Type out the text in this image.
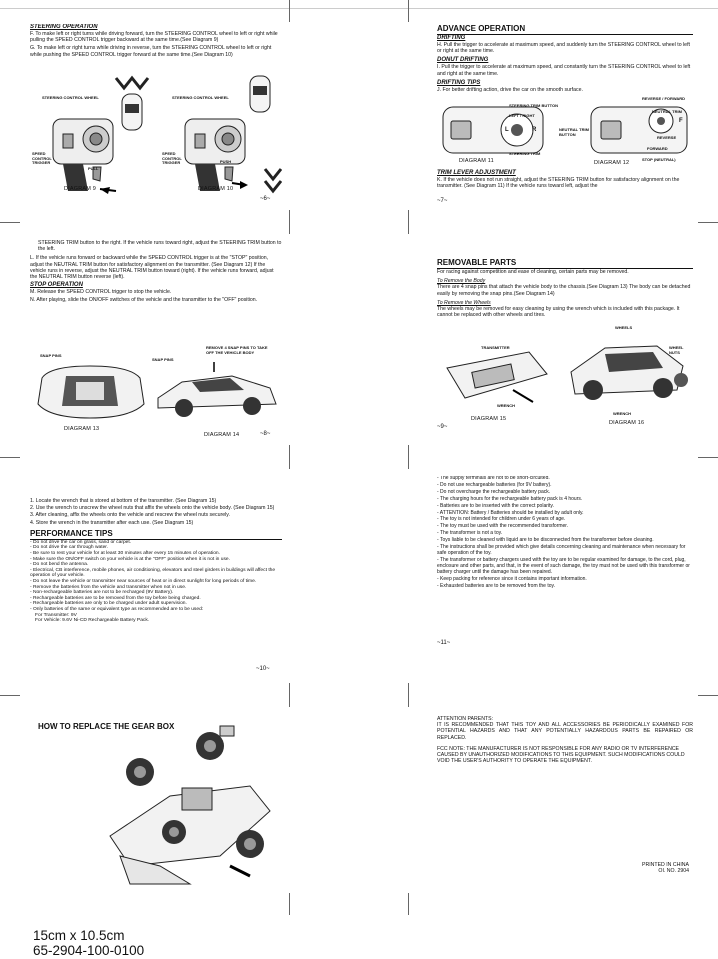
STEERING OPERATION

F. To make left or right turns while driving forward, turn the STEERING CONTROL wheel to left or right while pulling the SPEED CONTROL trigger backward at the same time.(See Diagram 9)

G. To make left or right turns while driving in reverse, turn the STEERING CONTROL wheel to left or right while pushing the SPEED CONTROL trigger forward at the same time.(See Diagram 10)

STEERING CONTROL WHEEL	STEERING CONTROL WHEEL
SPEED CONTROL TRIGGER
SPEED CONTROL TRIGGER
PULL
PUSH
DIAGRAM 9	DIAGRAM 10
~6~
ADVANCE OPERATION
DRIFTING

H. Pull the trigger to accelerate at maximum speed, and suddenly turn the STEERING CONTROL wheel to left or right at the same time.

DONUT DRIFTING

I. Pull the trigger to accelerate at maximum speed, and constantly turn the STEERING CONTROL wheel to left and right at the same time.

DRIFTING TIPS

J. For better drifting action, drive the car on the smooth surface.

STEERING TRIM BUTTON
LEFT / RIGHT
L	R
STEERING TRIM
REVERSE / FORWARD
NEUTRAL TRIM
NEUTRAL TRIM BUTTON
F
REVERSE
FORWARD
STOP (NEUTRAL)
DIAGRAM 11	DIAGRAM 12
TRIM LEVER ADJUSTMENT

K. If the vehicle does not run straight, adjust the STEERING TRIM button for satisfactory alignment on the transmitter. (See Diagram 11) If the vehicle runs toward left, adjust the

~7~

STEERING TRIM button to the right. If the vehicle runs toward right, adjust the STEERING TRIM button to the left.

L. If the vehicle runs forward or backward while the SPEED CONTROL trigger is at the "STOP" position, adjust the NEUTRAL TRIM button for satisfactory alignment on the transmitter. (See Diagram 12) If the vehicle runs in reverse, adjust the NEUTRAL TRIM button toward (right). If the vehicle runs forward, adjust the NEUTRAL TRIM button reverse (left).

STOP OPERATION

M. Release the SPEED CONTROL trigger to stop the vehicle.

N. After playing, slide the ON/OFF switches of the vehicle and the transmitter to the "OFF" position.

SNAP PINS
SNAP PINS
REMOVE 4 SNAP PINS TO TAKE OFF THE VEHICLE BODY
DIAGRAM 13
DIAGRAM 14	~8~
REMOVABLE PARTS

For racing against competition and ease of cleaning, certain parts may be removed.

To Remove the Body

There are 4 snap pins that attach the vehicle body to the chassis.(See Diagram 13) The body can be detached easily by removing the snap pins.(See Diagram 14)

To Remove the Wheels

The wheels may be removed for easy cleaning by using the wrench which is included with this package. It cannot be replaced with other wheels and tires.

WHEELS
TRANSMITTER	WHEEL NUTS
WRENCH
WRENCH
DIAGRAM 15
DIAGRAM 16
~9~
1. Locate the wrench that is stored at bottom of the transmitter. (See Diagram 15)
2. Use the wrench to unscrew the wheel nuts that affix the wheels onto the vehicle body. (See Diagram 15)
3. After cleaning, affix the wheels onto the vehicle and rescrew the wheel nuts securely.
4. Store the wrench in the transmitter after each use. (See Diagram 15)
PERFORMANCE TIPS
- Do not drive the car on grass, sand or carpet.
- Do not drive the car through water.
- Be sure to rest your vehicle for at least 30 minutes after every 15 minutes of operation.
- Make sure the ON/OFF switch on your vehicle is at the "OFF" position when it is not in use.
- Do not bend the antenna.
- Electrical, CB interference, mobile phones, air conditioning, elevators and steel girders in buildings will affect the operation of your vehicle.
- Do not leave the vehicle or transmitter near sources of heat or in direct sunlight for long periods of time.
- Remove the batteries from the vehicle and transmitter when not in use.
- Non-rechargeable batteries are not to be recharged (9V Battery).
- Rechargeable batteries are to be removed from the toy before being charged.
- Rechargeable batteries are only to be charged under adult supervision.
- Only batteries of the same or equivalent type as recommended are to be used:
For Transmitter: 9V
For Vehicle: 9.6V Ni-CD Rechargeable Battery Pack.
~10~
- The supply terminals are not to be short-circuited.
- Do not use rechargeable batteries (for 9V battery).
- Do not overcharge the rechargeable battery pack.
- The charging hours for the rechargeable battery pack is 4 hours.
- Batteries are to be inserted with the correct polarity.
- ATTENTION: Battery / Batteries should be installed by adult only.
- The toy is not intended for children under 6 years of age.
- The toy must be used with the recommended transformer.
- The transformer is not a toy.
- Toys liable to be cleaned with liquid are to be disconnected from the transformer before cleaning.
- The instructions shall be provided which give details concerning cleaning and maintenance when necessary for safe operation of the toy.
- The transformer or battery chargers used with the toy are to be regular examined for damage, to the cord, plug, enclosure and other parts, and that, in the event of such damage, the toy must not be used with this transformer or battery charger until the damage has been repaired.
- Keep packing for reference since it contains important information.
- Exhausted batteries are to be removed from the toy.
~11~
HOW TO REPLACE THE GEAR BOX

ATTENTION PARENTS:

IT IS RECOMMENDED THAT THIS TOY AND ALL ACCESSORIES BE PERIODICALLY EXAMINED FOR POTENTIAL HAZARDS AND THAT ANY POTENTIALLY HAZARDOUS PARTS BE REPAIRED OR REPLACED.

FCC NOTE: THE MANUFACTURER IS NOT RESPONSIBLE FOR ANY RADIO OR TV INTERFERENCE CAUSED BY UNAUTHORIZED MODIFICATIONS TO THIS EQUIPMENT. SUCH MODIFICATIONS COULD VOID THE USER'S AUTHORITY TO OPERATE THE EQUIPMENT.

PRINTED IN CHINA
OI. NO. 2904
15cm x 10.5cm
65-2904-100-0100
